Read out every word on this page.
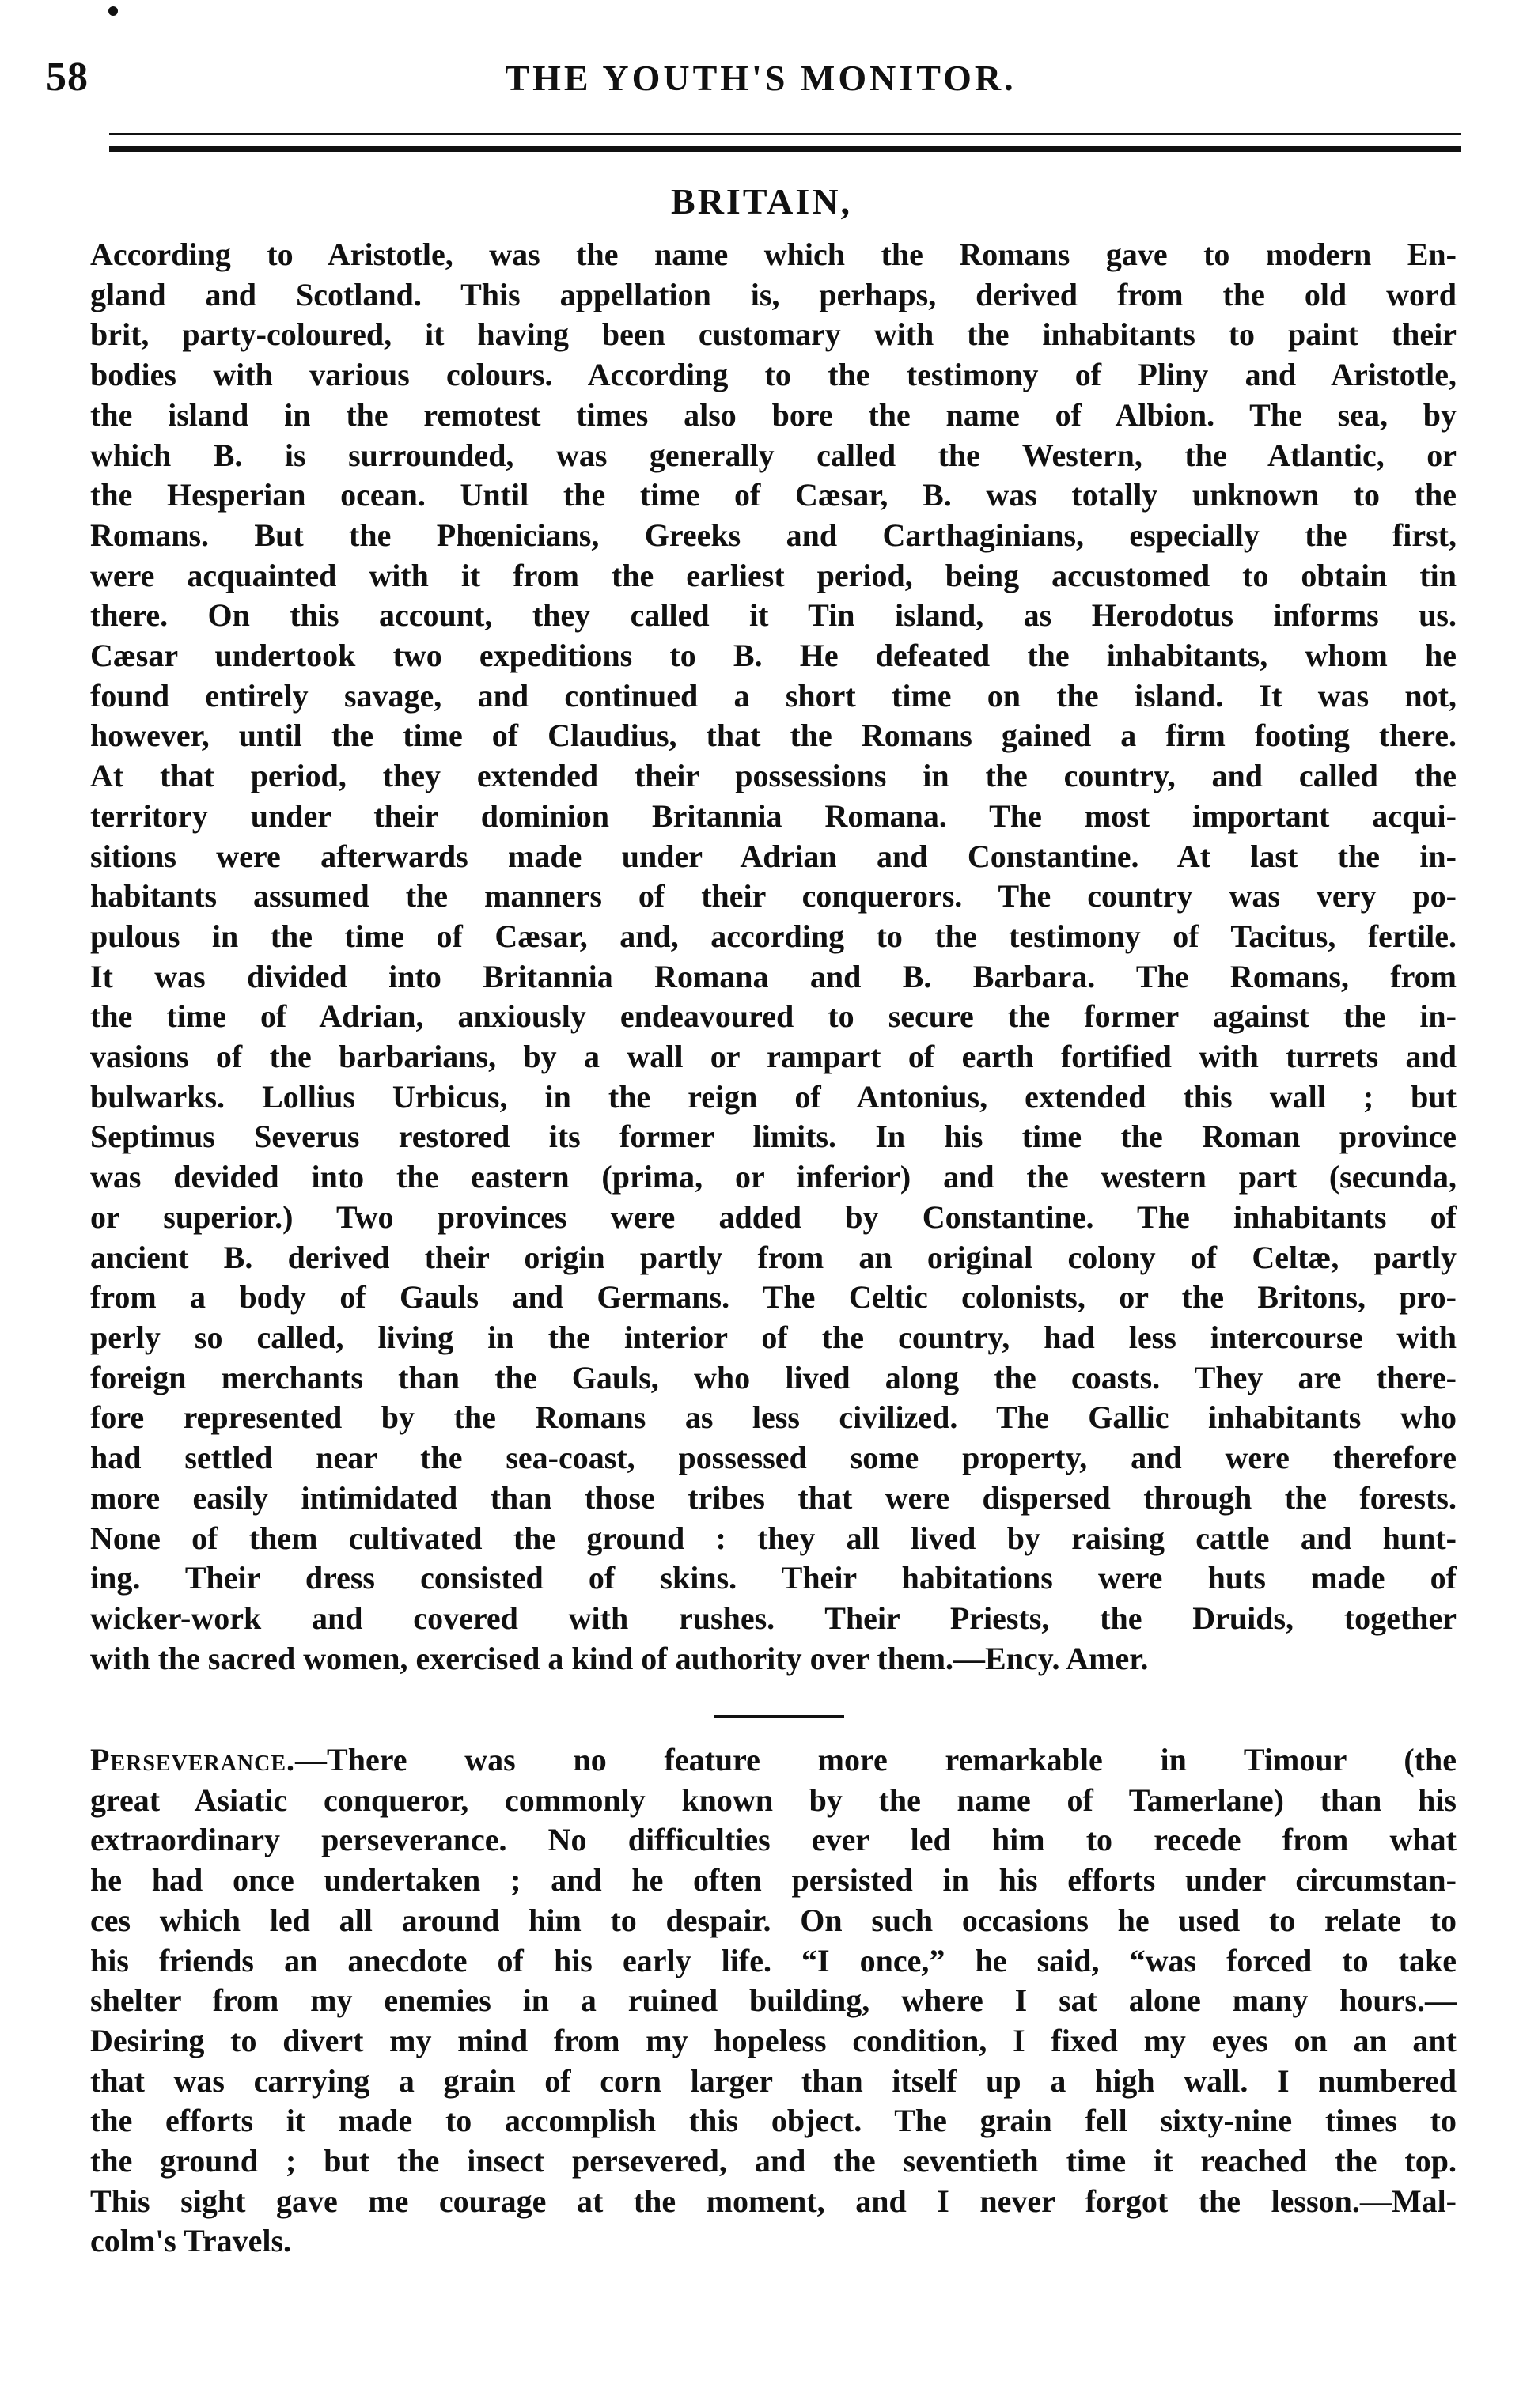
58	THE YOUTH'S MONITOR.
BRITAIN,
According to Aristotle, was the name which the Romans gave to modern En-
gland and Scotland. This appellation is, perhaps, derived from the old word
brit, party-coloured, it having been customary with the inhabitants to paint their
bodies with various colours. According to the testimony of Pliny and Aristotle,
the island in the remotest times also bore the name of Albion. The sea, by
which B. is surrounded, was generally called the Western, the Atlantic, or
the Hesperian ocean. Until the time of Cæsar, B. was totally unknown to the
Romans. But the Phœnicians, Greeks and Carthaginians, especially the first,
were acquainted with it from the earliest period, being accustomed to obtain tin
there. On this account, they called it Tin island, as Herodotus informs us.
Cæsar undertook two expeditions to B. He defeated the inhabitants, whom he
found entirely savage, and continued a short time on the island. It was not,
however, until the time of Claudius, that the Romans gained a firm footing there.
At that period, they extended their possessions in the country, and called the
territory under their dominion Britannia Romana. The most important acqui-
sitions were afterwards made under Adrian and Constantine. At last the in-
habitants assumed the manners of their conquerors. The country was very po-
pulous in the time of Cæsar, and, according to the testimony of Tacitus, fertile.
It was divided into Britannia Romana and B. Barbara. The Romans, from
the time of Adrian, anxiously endeavoured to secure the former against the in-
vasions of the barbarians, by a wall or rampart of earth fortified with turrets and
bulwarks. Lollius Urbicus, in the reign of Antonius, extended this wall ; but
Septimus Severus restored its former limits. In his time the Roman province
was devided into the eastern (prima, or inferior) and the western part (secunda,
or superior.) Two provinces were added by Constantine. The inhabitants of
ancient B. derived their origin partly from an original colony of Celtæ, partly
from a body of Gauls and Germans. The Celtic colonists, or the Britons, pro-
perly so called, living in the interior of the country, had less intercourse with
foreign merchants than the Gauls, who lived along the coasts. They are there-
fore represented by the Romans as less civilized. The Gallic inhabitants who
had settled near the sea-coast, possessed some property, and were therefore
more easily intimidated than those tribes that were dispersed through the forests.
None of them cultivated the ground : they all lived by raising cattle and hunt-
ing. Their dress consisted of skins. Their habitations were huts made of
wicker-work and covered with rushes. Their Priests, the Druids, together
with the sacred women, exercised a kind of authority over them.—Ency. Amer.
Perseverance.—There was no feature more remarkable in Timour (the
great Asiatic conqueror, commonly known by the name of Tamerlane) than his
extraordinary perseverance. No difficulties ever led him to recede from what
he had once undertaken ; and he often persisted in his efforts under circumstan-
ces which led all around him to despair. On such occasions he used to relate to
his friends an anecdote of his early life. “I once,” he said, “was forced to take
shelter from my enemies in a ruined building, where I sat alone many hours.—
Desiring to divert my mind from my hopeless condition, I fixed my eyes on an ant
that was carrying a grain of corn larger than itself up a high wall. I numbered
the efforts it made to accomplish this object. The grain fell sixty-nine times to
the ground ; but the insect persevered, and the seventieth time it reached the top.
This sight gave me courage at the moment, and I never forgot the lesson.—Mal-
colm's Travels.
